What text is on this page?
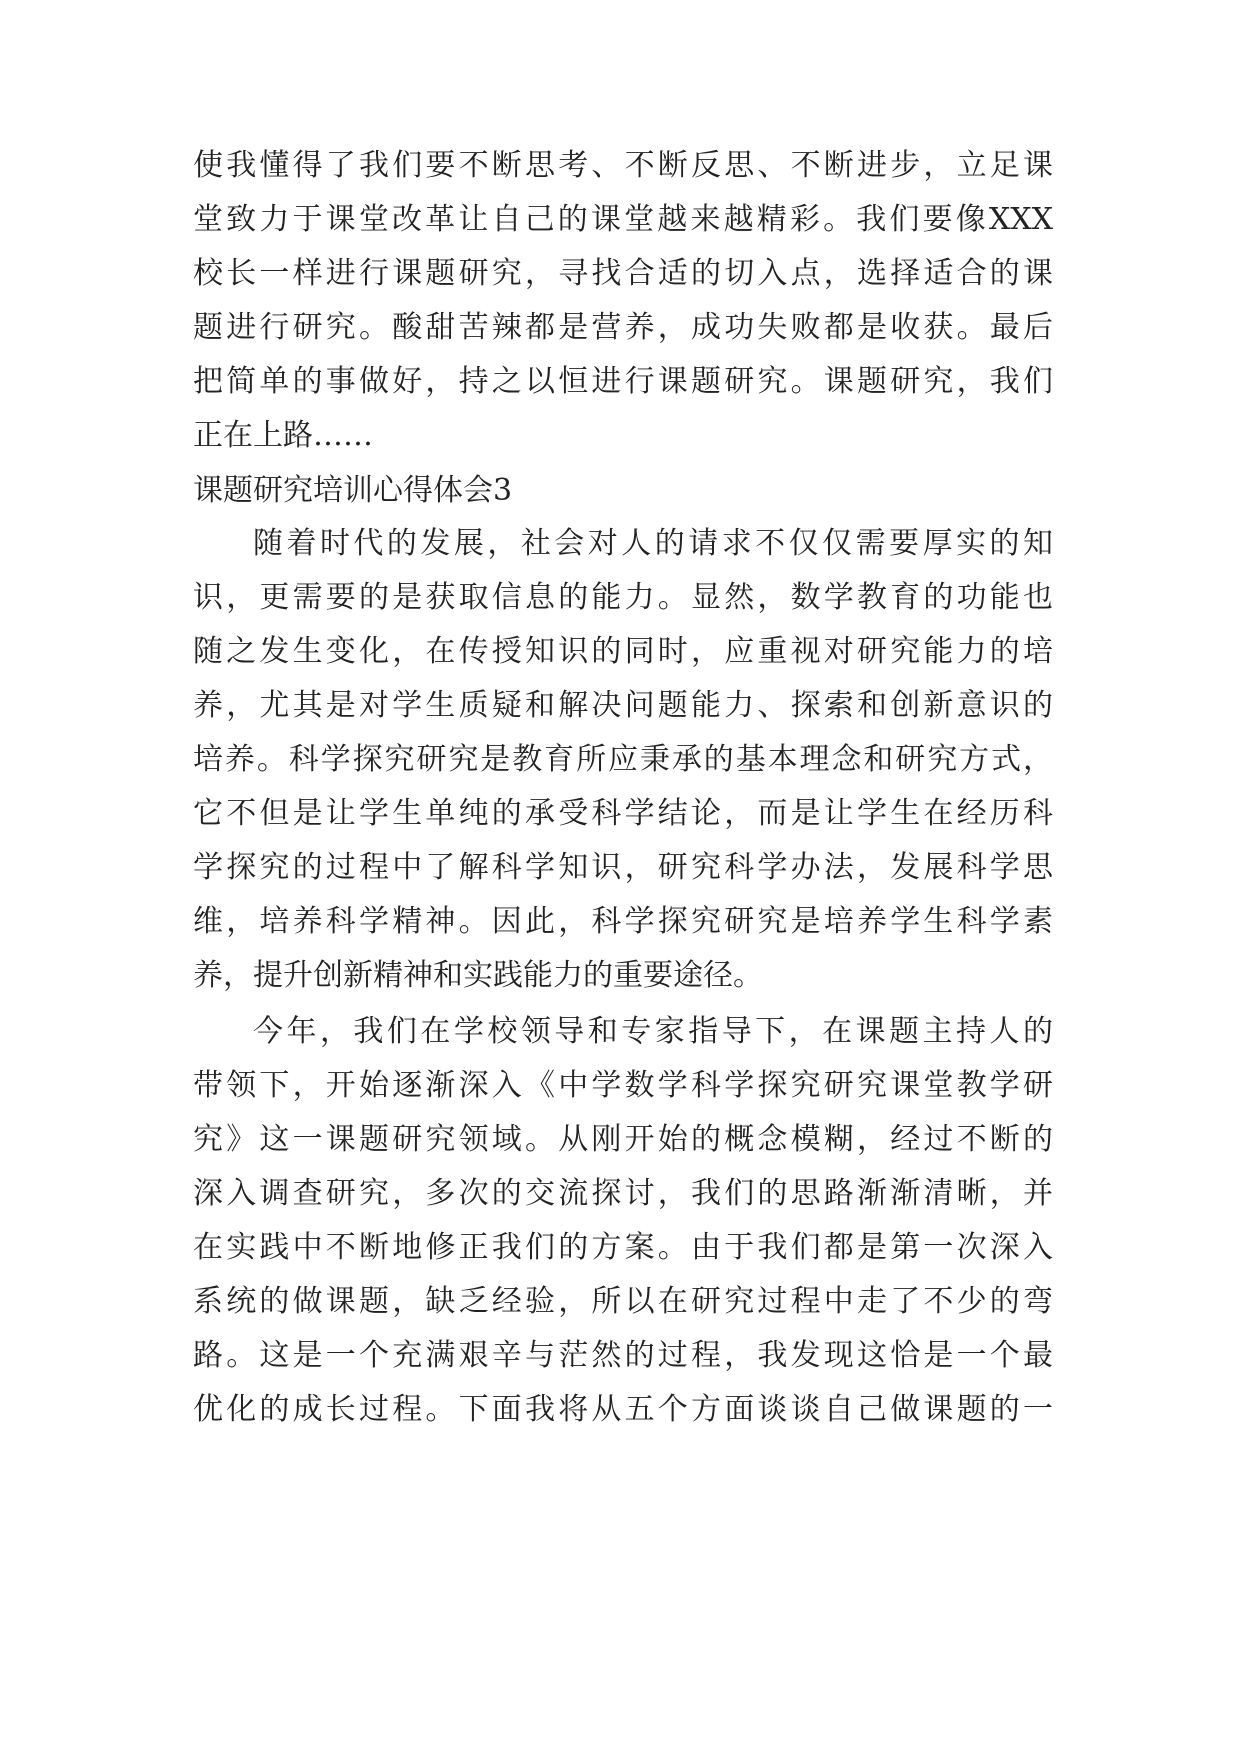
使我懂得了我们要不断思考、不断反思、不断进步，立足课

堂致力于课堂改革让自己的课堂越来越精彩。我们要像XXX

校长一样进行课题研究，寻找合适的切入点，选择适合的课

题进行研究。酸甜苦辣都是营养，成功失败都是收获。最后

把简单的事做好，持之以恒进行课题研究。课题研究，我们

正在上路……

课题研究培训心得体会3

随着时代的发展，社会对人的请求不仅仅需要厚实的知

识，更需要的是获取信息的能力。显然，数学教育的功能也

随之发生变化，在传授知识的同时，应重视对研究能力的培

养，尤其是对学生质疑和解决问题能力、探索和创新意识的

培养。科学探究研究是教育所应秉承的基本理念和研究方式，

它不但是让学生单纯的承受科学结论，而是让学生在经历科

学探究的过程中了解科学知识，研究科学办法，发展科学思

维，培养科学精神。因此，科学探究研究是培养学生科学素

养，提升创新精神和实践能力的重要途径。

今年，我们在学校领导和专家指导下，在课题主持人的

带领下，开始逐渐深入《中学数学科学探究研究课堂教学研

究》这一课题研究领域。从刚开始的概念模糊，经过不断的

深入调查研究，多次的交流探讨，我们的思路渐渐清晰，并

在实践中不断地修正我们的方案。由于我们都是第一次深入

系统的做课题，缺乏经验，所以在研究过程中走了不少的弯

路。这是一个充满艰辛与茫然的过程，我发现这恰是一个最

优化的成长过程。下面我将从五个方面谈谈自己做课题的一
